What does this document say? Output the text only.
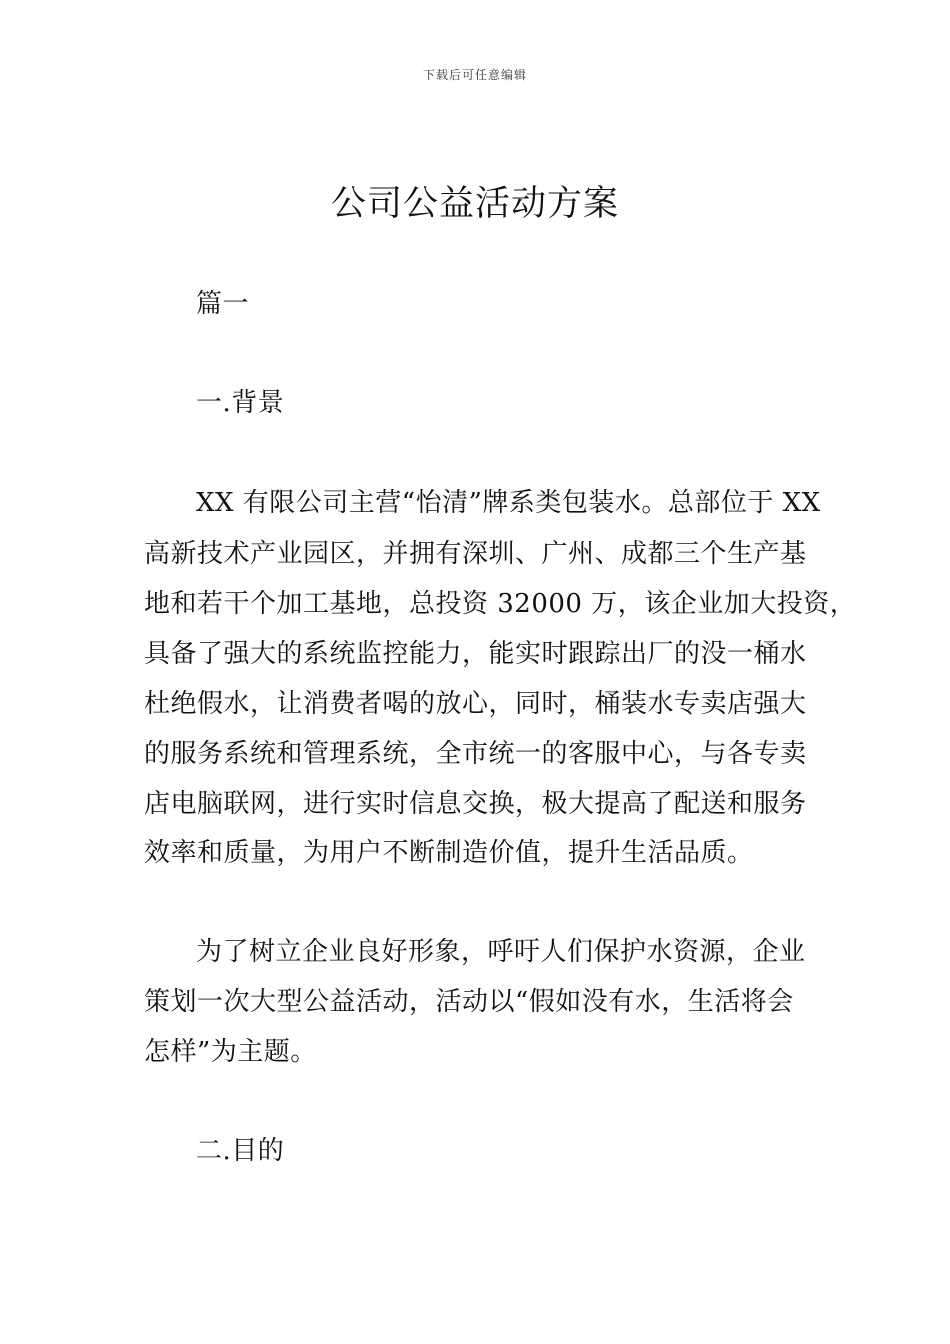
下载后可任意编辑
公司公益活动方案
篇一
一.背景
XX 有限公司主营“怡清”牌系类包装水。总部位于 XX
高新技术产业园区，并拥有深圳、广州、成都三个生产基
地和若干个加工基地，总投资 32000 万，该企业加大投资，
具备了强大的系统监控能力，能实时跟踪出厂的没一桶水
杜绝假水，让消费者喝的放心，同时，桶装水专卖店强大
的服务系统和管理系统，全市统一的客服中心，与各专卖
店电脑联网，进行实时信息交换，极大提高了配送和服务
效率和质量，为用户不断制造价值，提升生活品质。
为了树立企业良好形象，呼吁人们保护水资源，企业
策划一次大型公益活动，活动以“假如没有水，生活将会
怎样”为主题。
二.目的
